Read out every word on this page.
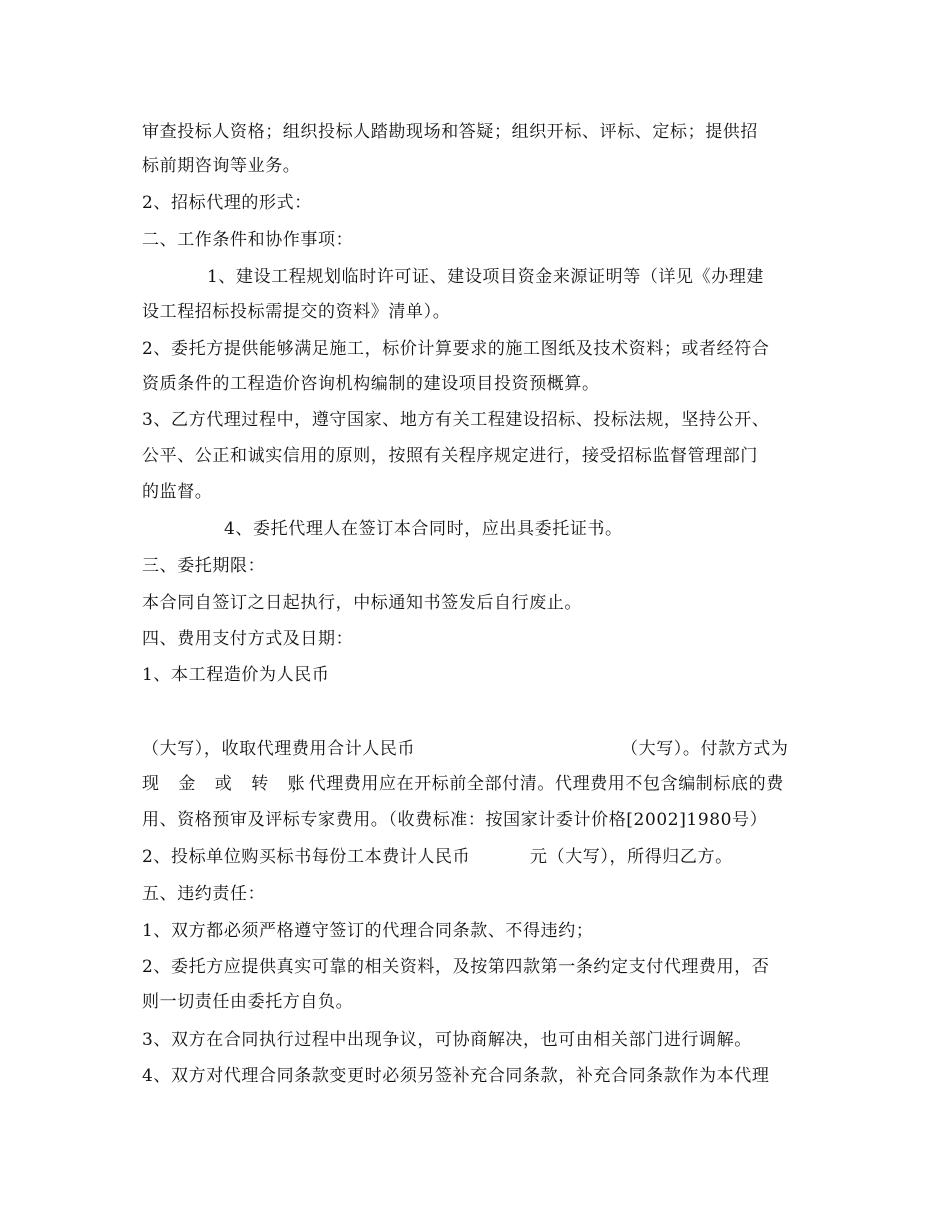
审查投标人资格；组织投标人踏勘现场和答疑；组织开标、评标、定标；提供招
标前期咨询等业务。
2、招标代理的形式：
二、工作条件和协作事项：
1、建设工程规划临时许可证、建设项目资金来源证明等（详见《办理建
设工程招标投标需提交的资料》清单）。
2、委托方提供能够满足施工，标价计算要求的施工图纸及技术资料；或者经符合
资质条件的工程造价咨询机构编制的建设项目投资预概算。
3、乙方代理过程中，遵守国家、地方有关工程建设招标、投标法规，坚持公开、
公平、公正和诚实信用的原则，按照有关程序规定进行，接受招标监督管理部门
的监督。
4、委托代理人在签订本合同时，应出具委托证书。
三、委托期限：
本合同自签订之日起执行，中标通知书签发后自行废止。
四、费用支付方式及日期：
1、本工程造价为人民币
（大写），收取代理费用合计人民币	（大写）。付款方式为
现 金 或 转 账
，代理费用应在开标前全部付清。代理费用不包含编制标底的费
用、资格预审及评标专家费用。（收费标准：按国家计委计价格[2002]1980号）
2、投标单位购买标书每份工本费计人民币	元（大写），所得归乙方。
五、违约责任：
1、双方都必须严格遵守签订的代理合同条款、不得违约；
2、委托方应提供真实可靠的相关资料，及按第四款第一条约定支付代理费用，否
则一切责任由委托方自负。
3、双方在合同执行过程中出现争议，可协商解决，也可由相关部门进行调解。
4、双方对代理合同条款变更时必须另签补充合同条款，补充合同条款作为本代理
